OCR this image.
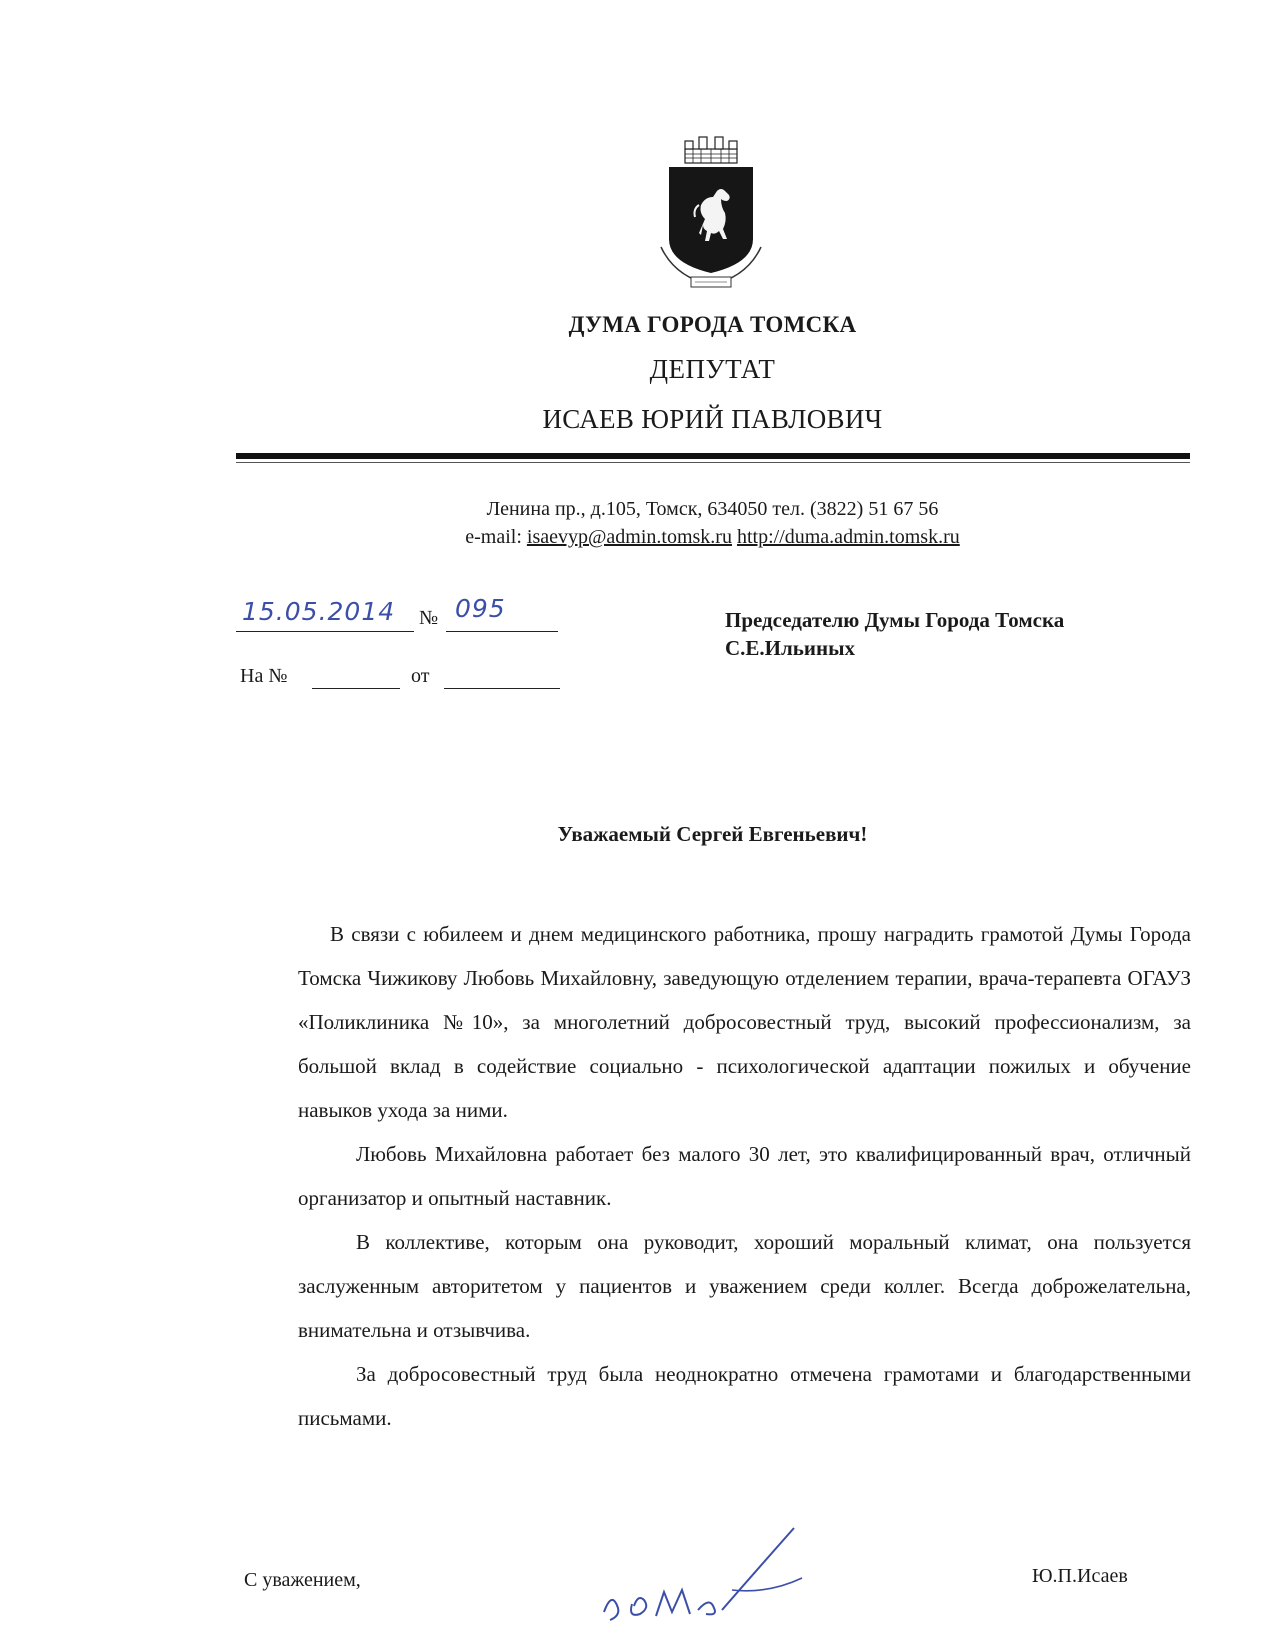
ДУМА ГОРОДА ТОМСКА
ДЕПУТАТ
ИСАЕВ ЮРИЙ ПАВЛОВИЧ
Ленина пр., д.105, Томск, 634050 тел. (3822) 51 67 56
e-mail: isaevyp@admin.tomsk.ru http://duma.admin.tomsk.ru
15.05.2014 № 095
На №	от
Председателю Думы Города Томска
С.Е.Ильиных
Уважаемый Сергей Евгеньевич!

В связи с юбилеем и днем медицинского работника, прошу наградить грамотой Думы Города Томска Чижикову Любовь Михайловну, заведующую отделением терапии, врача-терапевта ОГАУЗ «Поликлиника №10», за многолетний добросовестный труд, высокий профессионализм, за большой вклад в содействие социально - психологической адаптации пожилых и обучение навыков ухода за ними.

Любовь Михайловна работает без малого 30 лет, это квалифицированный врач, отличный организатор и опытный наставник.

В коллективе, которым она руководит, хороший моральный климат, она пользуется заслуженным авторитетом у пациентов и уважением среди коллег. Всегда доброжелательна, внимательна и отзывчива.

За добросовестный труд была неоднократно отмечена грамотами и благодарственными письмами.

С уважением,	Ю.П.Исаев
